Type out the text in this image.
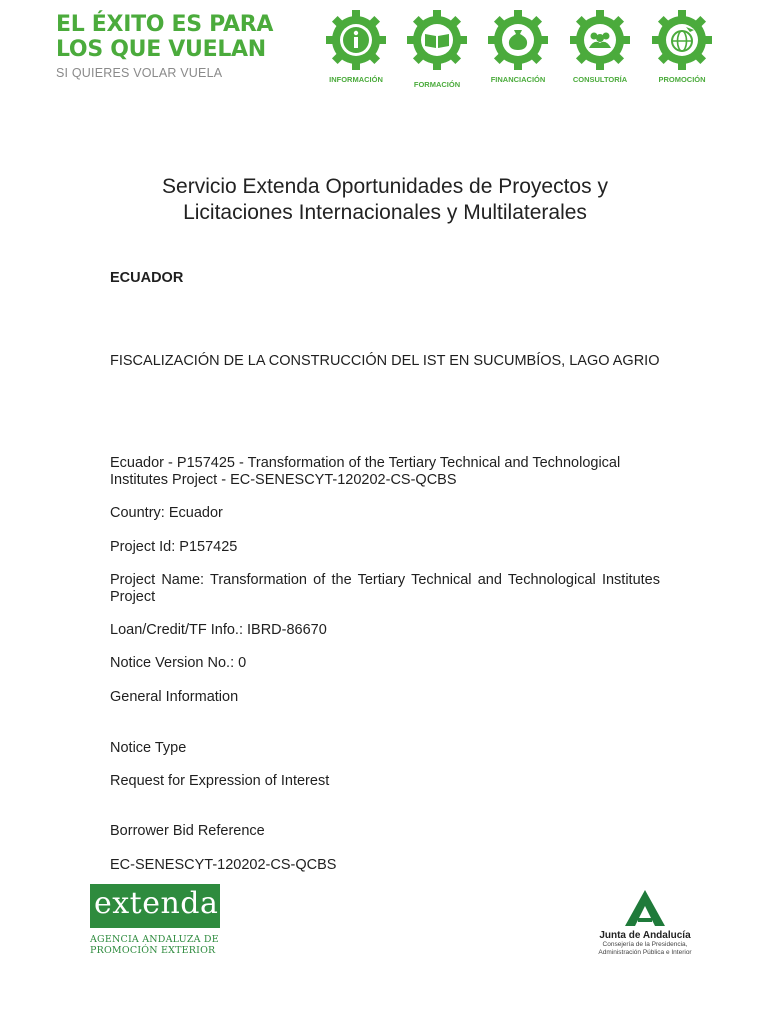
EL ÉXITO ES PARA
LOS QUE VUELAN
SI QUIERES VOLAR VUELA	INFORMACIÓN
FORMACIÓN
FINANCIACIÓN	CONSULTORÍA	PROMOCIÓN
Servicio Extenda Oportunidades de Proyectos y
Licitaciones Internacionales y Multilaterales
ECUADOR
FISCALIZACIÓN DE LA CONSTRUCCIÓN DEL IST EN SUCUMBÍOS, LAGO AGRIO
Ecuador - P157425 - Transformation of the Tertiary Technical and Technological Institutes Project - EC-SENESCYT-120202-CS-QCBS
Country: Ecuador
Project Id: P157425
Project Name: Transformation of the Tertiary Technical and Technological Institutes Project
Loan/Credit/TF Info.: IBRD-86670
Notice Version No.: 0
General Information
Notice Type
Request for Expression of Interest
Borrower Bid Reference
EC-SENESCYT-120202-CS-QCBS
extenda
AGENCIA ANDALUZA DE
PROMOCIÓN EXTERIOR
Junta de Andalucía
Consejería de la Presidencia,
Administración Pública e Interior
